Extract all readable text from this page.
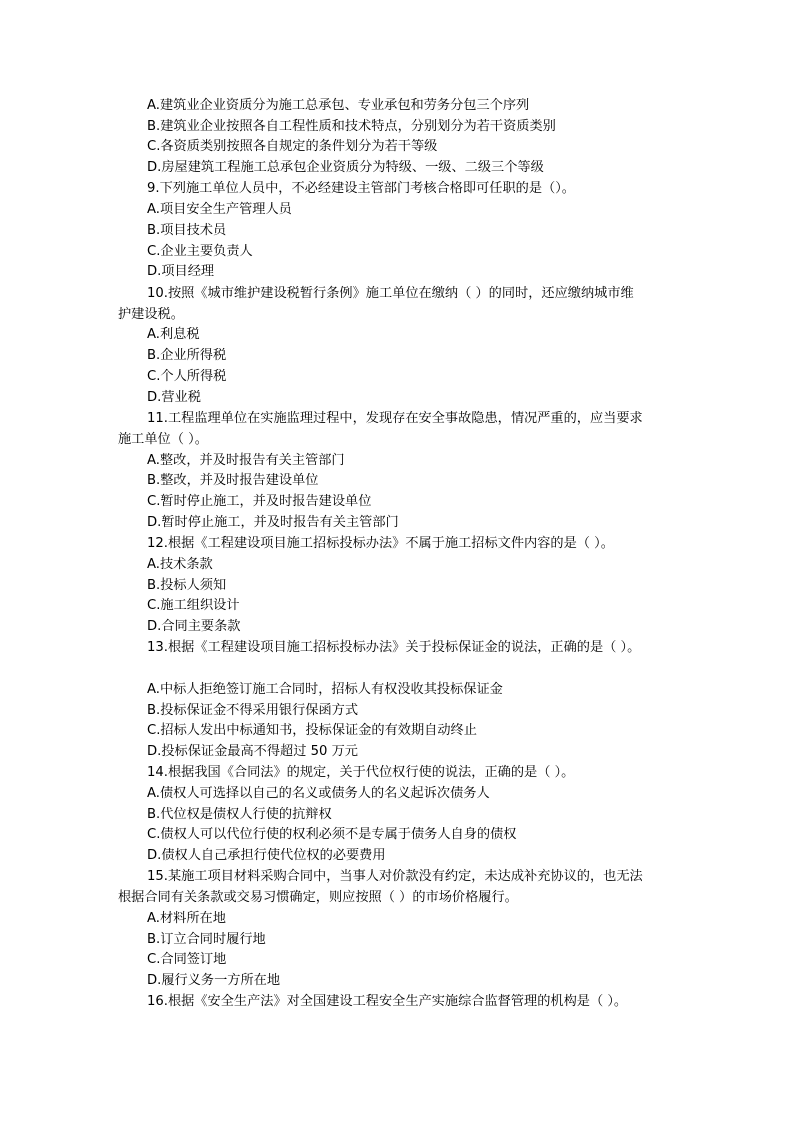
A.建筑业企业资质分为施工总承包、专业承包和劳务分包三个序列
B.建筑业企业按照各自工程性质和技术特点，分别划分为若干资质类别
C.各资质类别按照各自规定的条件划分为若干等级
D.房屋建筑工程施工总承包企业资质分为特级、一级、二级三个等级
9.下列施工单位人员中，不必经建设主管部门考核合格即可任职的是（）。
A.项目安全生产管理人员
B.项目技术员
C.企业主要负责人
D.项目经理
10.按照《城市维护建设税暂行条例》施工单位在缴纳（ ）的同时，还应缴纳城市维
护建设税。
A.利息税
B.企业所得税
C.个人所得税
D.营业税
11.工程监理单位在实施监理过程中，发现存在安全事故隐患，情况严重的，应当要求
施工单位（ ）。
A.整改，并及时报告有关主管部门
B.整改，并及时报告建设单位
C.暂时停止施工，并及时报告建设单位
D.暂时停止施工，并及时报告有关主管部门
12.根据《工程建设项目施工招标投标办法》不属于施工招标文件内容的是（ ）。
A.技术条款
B.投标人须知
C.施工组织设计
D.合同主要条款
13.根据《工程建设项目施工招标投标办法》关于投标保证金的说法，正确的是（ ）。
A.中标人拒绝签订施工合同时，招标人有权没收其投标保证金
B.投标保证金不得采用银行保函方式
C.招标人发出中标通知书，投标保证金的有效期自动终止
D.投标保证金最高不得超过 50 万元
14.根据我国《合同法》的规定，关于代位权行使的说法，正确的是（ ）。
A.债权人可选择以自己的名义或债务人的名义起诉次债务人
B.代位权是债权人行使的抗辩权
C.债权人可以代位行使的权利必须不是专属于债务人自身的债权
D.债权人自己承担行使代位权的必要费用
15.某施工项目材料采购合同中，当事人对价款没有约定，未达成补充协议的，也无法
根据合同有关条款或交易习惯确定，则应按照（ ）的市场价格履行。
A.材料所在地
B.订立合同时履行地
C.合同签订地
D.履行义务一方所在地
16.根据《安全生产法》对全国建设工程安全生产实施综合监督管理的机构是（ ）。
